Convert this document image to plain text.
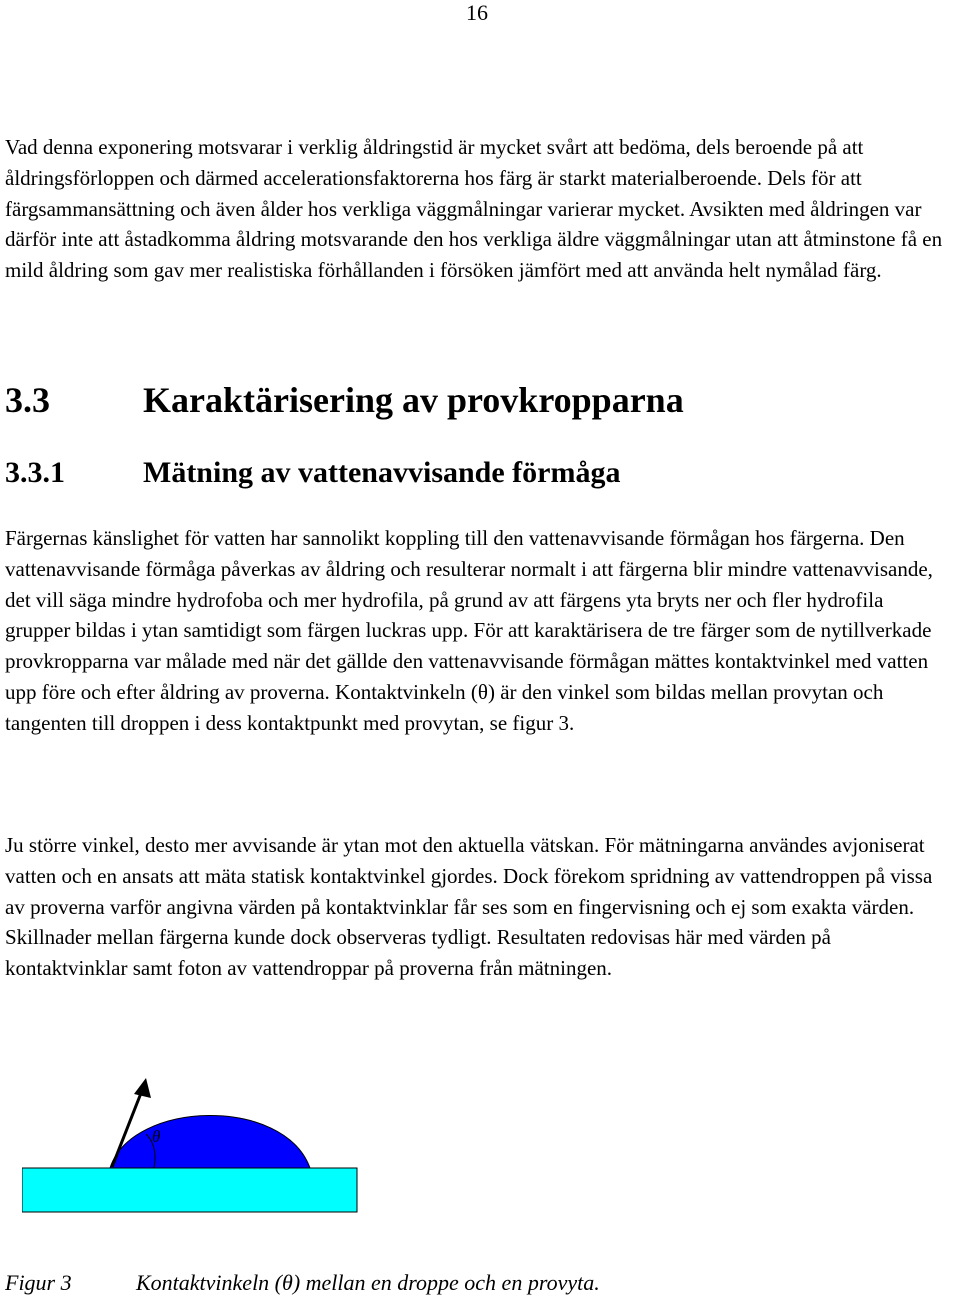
16

Vad denna exponering motsvarar i verklig åldringstid är mycket svårt att bedöma, dels beroende på att åldringsförloppen och därmed accelerationsfaktorerna hos färg är starkt materialberoende. Dels för att färgsammansättning och även ålder hos verkliga väggmålningar varierar mycket. Avsikten med åldringen var därför inte att åstadkomma åldring motsvarande den hos verkliga äldre väggmålningar utan att åtminstone få en mild åldring som gav mer realistiska förhållanden i försöken jämfört med att använda helt nymålad färg.

3.3	Karaktärisering av provkropparna
3.3.1	Mätning av vattenavvisande förmåga

Färgernas känslighet för vatten har sannolikt koppling till den vattenavvisande förmågan hos färgerna. Den vattenavvisande förmåga påverkas av åldring och resulterar normalt i att färgerna blir mindre vattenavvisande, det vill säga mindre hydrofoba och mer hydrofila, på grund av att färgens yta bryts ner och fler hydrofila grupper bildas i ytan samtidigt som färgen luckras upp. För att karaktärisera de tre färger som de nytillverkade provkropparna var målade med när det gällde den vattenavvisande förmågan mättes kontaktvinkel med vatten upp före och efter åldring av proverna. Kontaktvinkeln (θ) är den vinkel som bildas mellan provytan och tangenten till droppen i dess kontaktpunkt med provytan, se figur 3.

Ju större vinkel, desto mer avvisande är ytan mot den aktuella vätskan. För mätningarna användes avjoniserat vatten och en ansats att mäta statisk kontaktvinkel gjordes. Dock förekom spridning av vattendroppen på vissa av proverna varför angivna värden på kontaktvinklar får ses som en fingervisning och ej som exakta värden. Skillnader mellan färgerna kunde dock observeras tydligt. Resultaten redovisas här med värden på kontaktvinklar samt foton av vattendroppar på proverna från mätningen.

θ
Figur 3	Kontaktvinkeln (θ) mellan en droppe och en provyta.
